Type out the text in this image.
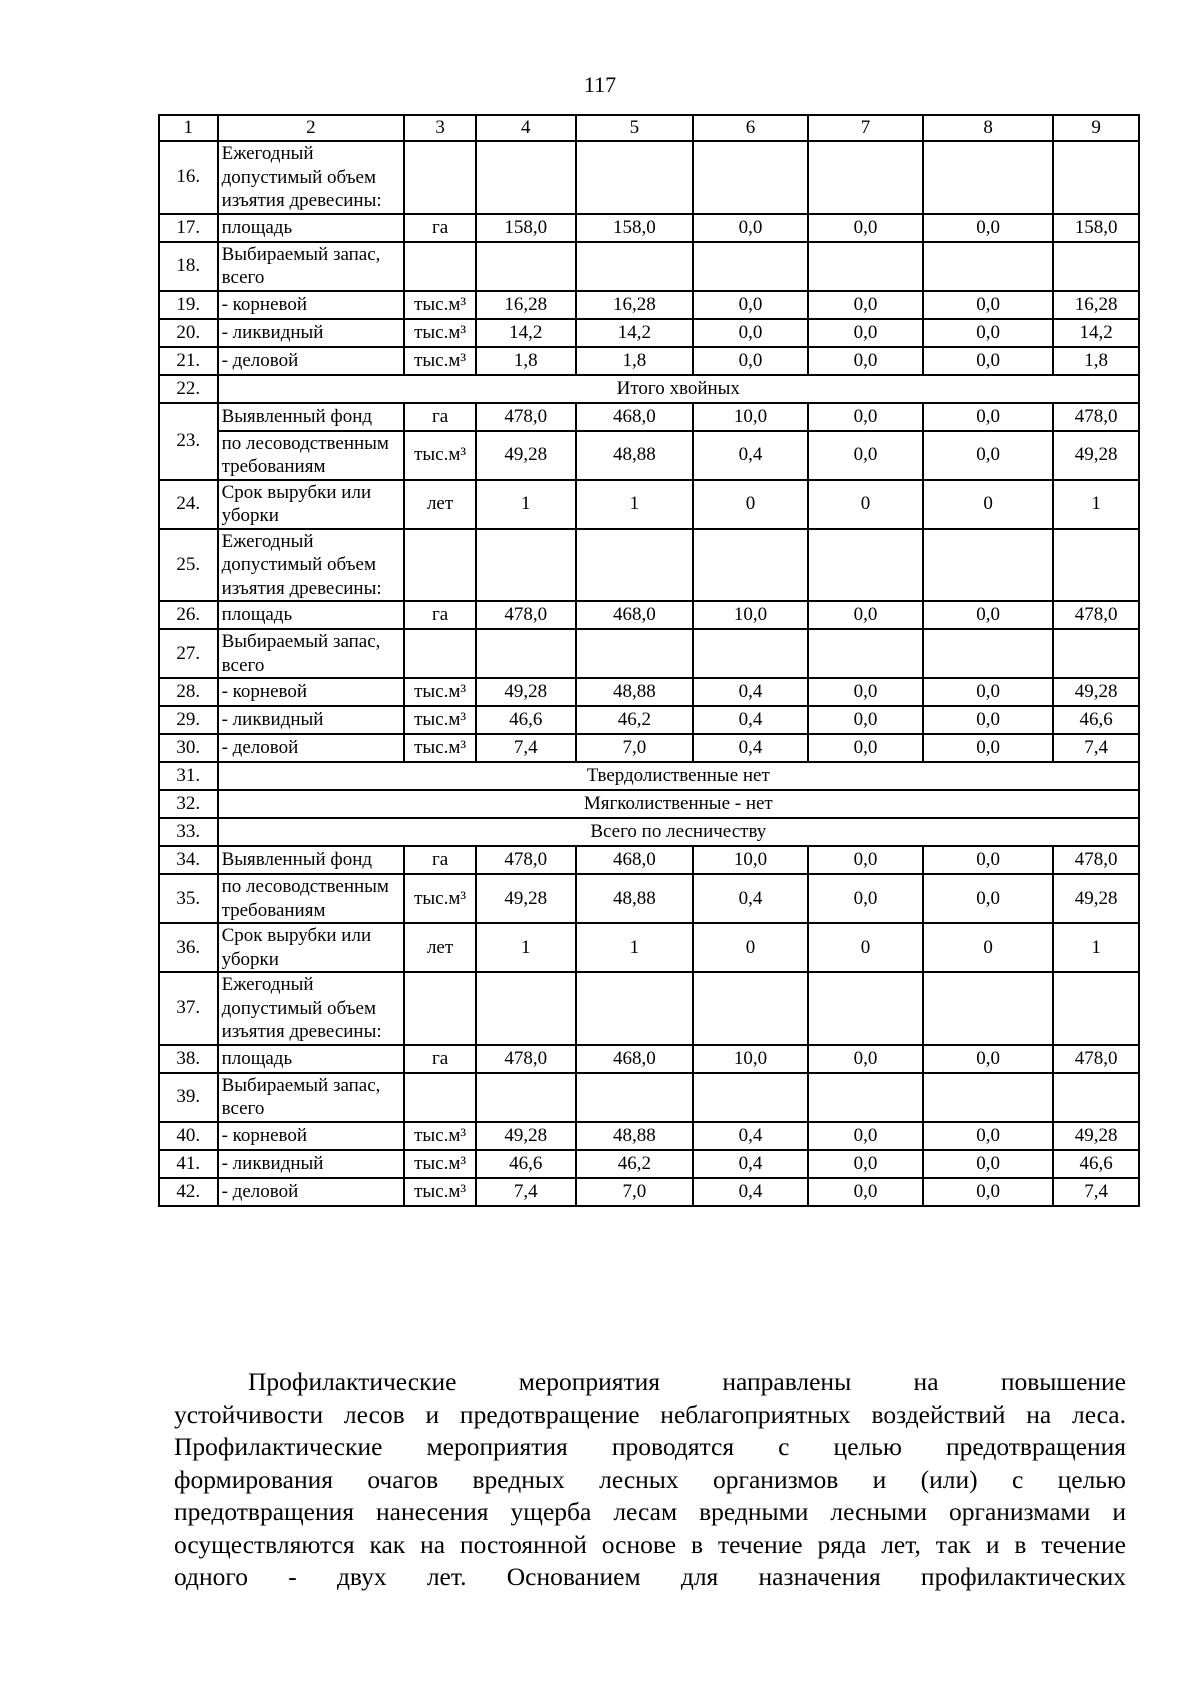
117
1	2	3	4	5	6	7	8	9
16.	Ежегодный допустимый объем изъятия древесины:							
17.	площадь	га	158,0	158,0	0,0	0,0	0,0	158,0
18.	Выбираемый запас, всего							
19.	- корневой	тыс.м³	16,28	16,28	0,0	0,0	0,0	16,28
20.	- ликвидный	тыс.м³	14,2	14,2	0,0	0,0	0,0	14,2
21.	- деловой	тыс.м³	1,8	1,8	0,0	0,0	0,0	1,8
22.	Итого хвойных							
23.	Выявленный фонд	га	478,0	468,0	10,0	0,0	0,0	478,0
	по лесоводственным требованиям	тыс.м³	49,28	48,88	0,4	0,0	0,0	49,28
24.	Срок вырубки или уборки	лет	1	1	0	0	0	1
25.	Ежегодный допустимый объем изъятия древесины:							
26.	площадь	га	478,0	468,0	10,0	0,0	0,0	478,0
27.	Выбираемый запас, всего							
28.	- корневой	тыс.м³	49,28	48,88	0,4	0,0	0,0	49,28
29.	- ликвидный	тыс.м³	46,6	46,2	0,4	0,0	0,0	46,6
30.	- деловой	тыс.м³	7,4	7,0	0,4	0,0	0,0	7,4
31.	Твердолиственные нет							
32.	Мягколиственные - нет							
33.	Всего по лесничеству							
34.	Выявленный фонд	га	478,0	468,0	10,0	0,0	0,0	478,0
35.	по лесоводственным требованиям	тыс.м³	49,28	48,88	0,4	0,0	0,0	49,28
36.	Срок вырубки или уборки	лет	1	1	0	0	0	1
37.	Ежегодный допустимый объем изъятия древесины:							
38.	площадь	га	478,0	468,0	10,0	0,0	0,0	478,0
39.	Выбираемый запас, всего							
40.	- корневой	тыс.м³	49,28	48,88	0,4	0,0	0,0	49,28
41.	- ликвидный	тыс.м³	46,6	46,2	0,4	0,0	0,0	46,6
42.	- деловой	тыс.м³	7,4	7,0	0,4	0,0	0,0	7,4
Профилактические мероприятия направлены на повышение
устойчивости лесов и предотвращение неблагоприятных воздействий на леса.
Профилактические мероприятия проводятся с целью предотвращения
формирования очагов вредных лесных организмов и (или) с целью
предотвращения нанесения ущерба лесам вредными лесными организмами и
осуществляются как на постоянной основе в течение ряда лет, так и в течение
одного - двух лет. Основанием для назначения профилактических
